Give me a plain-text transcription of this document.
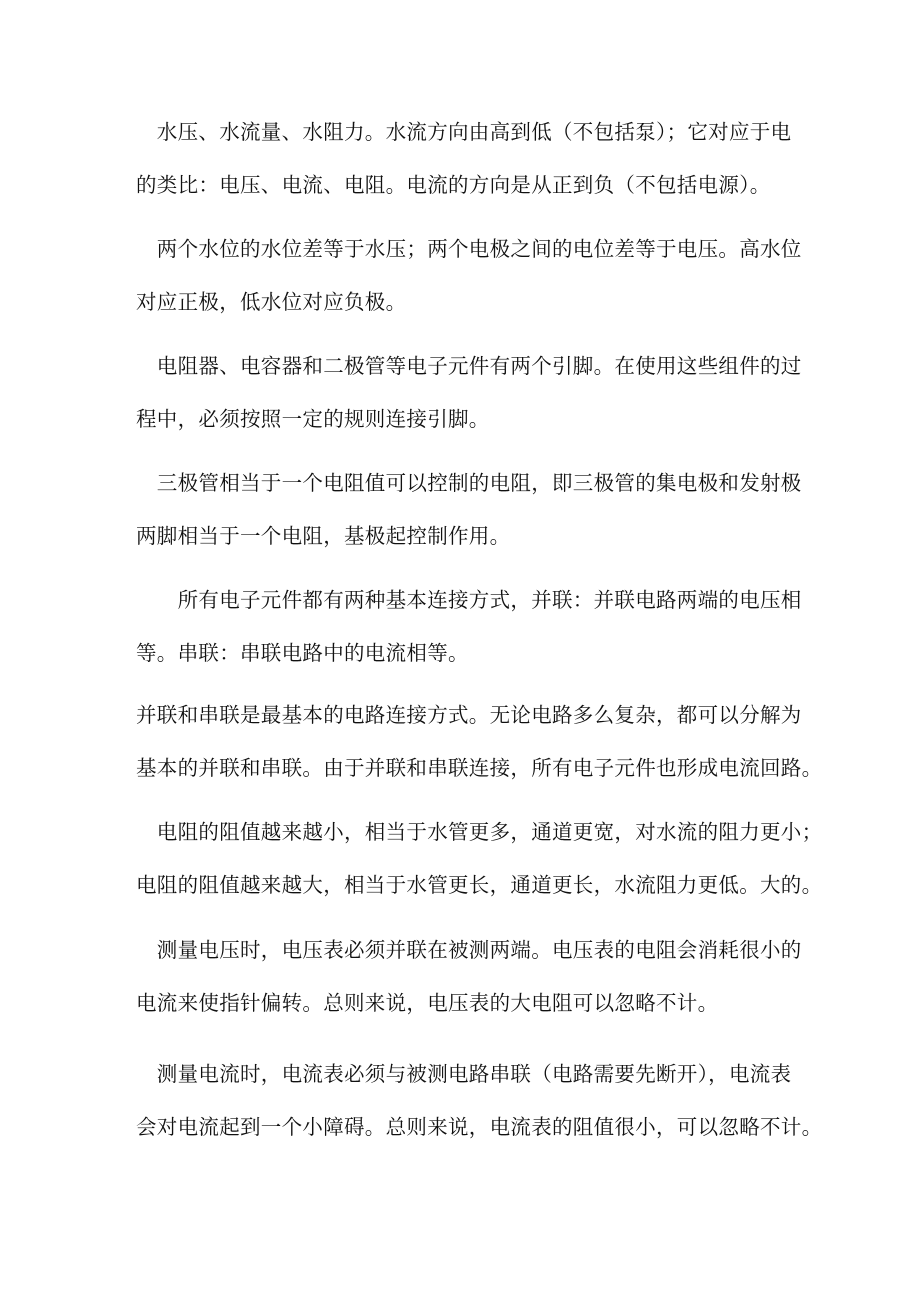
　水压、水流量、水阻力。水流方向由高到低（不包括泵）；它对应于电
的类比：电压、电流、电阻。电流的方向是从正到负（不包括电源）。

　两个水位的水位差等于水压；两个电极之间的电位差等于电压。高水位
对应正极，低水位对应负极。

　电阻器、电容器和二极管等电子元件有两个引脚。在使用这些组件的过
程中，必须按照一定的规则连接引脚。

　三极管相当于一个电阻值可以控制的电阻，即三极管的集电极和发射极
两脚相当于一个电阻，基极起控制作用。

　　所有电子元件都有两种基本连接方式，并联：并联电路两端的电压相
等。串联：串联电路中的电流相等。

并联和串联是最基本的电路连接方式。无论电路多么复杂，都可以分解为
基本的并联和串联。由于并联和串联连接，所有电子元件也形成电流回路。

　电阻的阻值越来越小，相当于水管更多，通道更宽，对水流的阻力更小；
电阻的阻值越来越大，相当于水管更长，通道更长，水流阻力更低。大的。

　测量电压时，电压表必须并联在被测两端。电压表的电阻会消耗很小的
电流来使指针偏转。总则来说，电压表的大电阻可以忽略不计。

　测量电流时，电流表必须与被测电路串联（电路需要先断开），电流表
会对电流起到一个小障碍。总则来说，电流表的阻值很小，可以忽略不计。
